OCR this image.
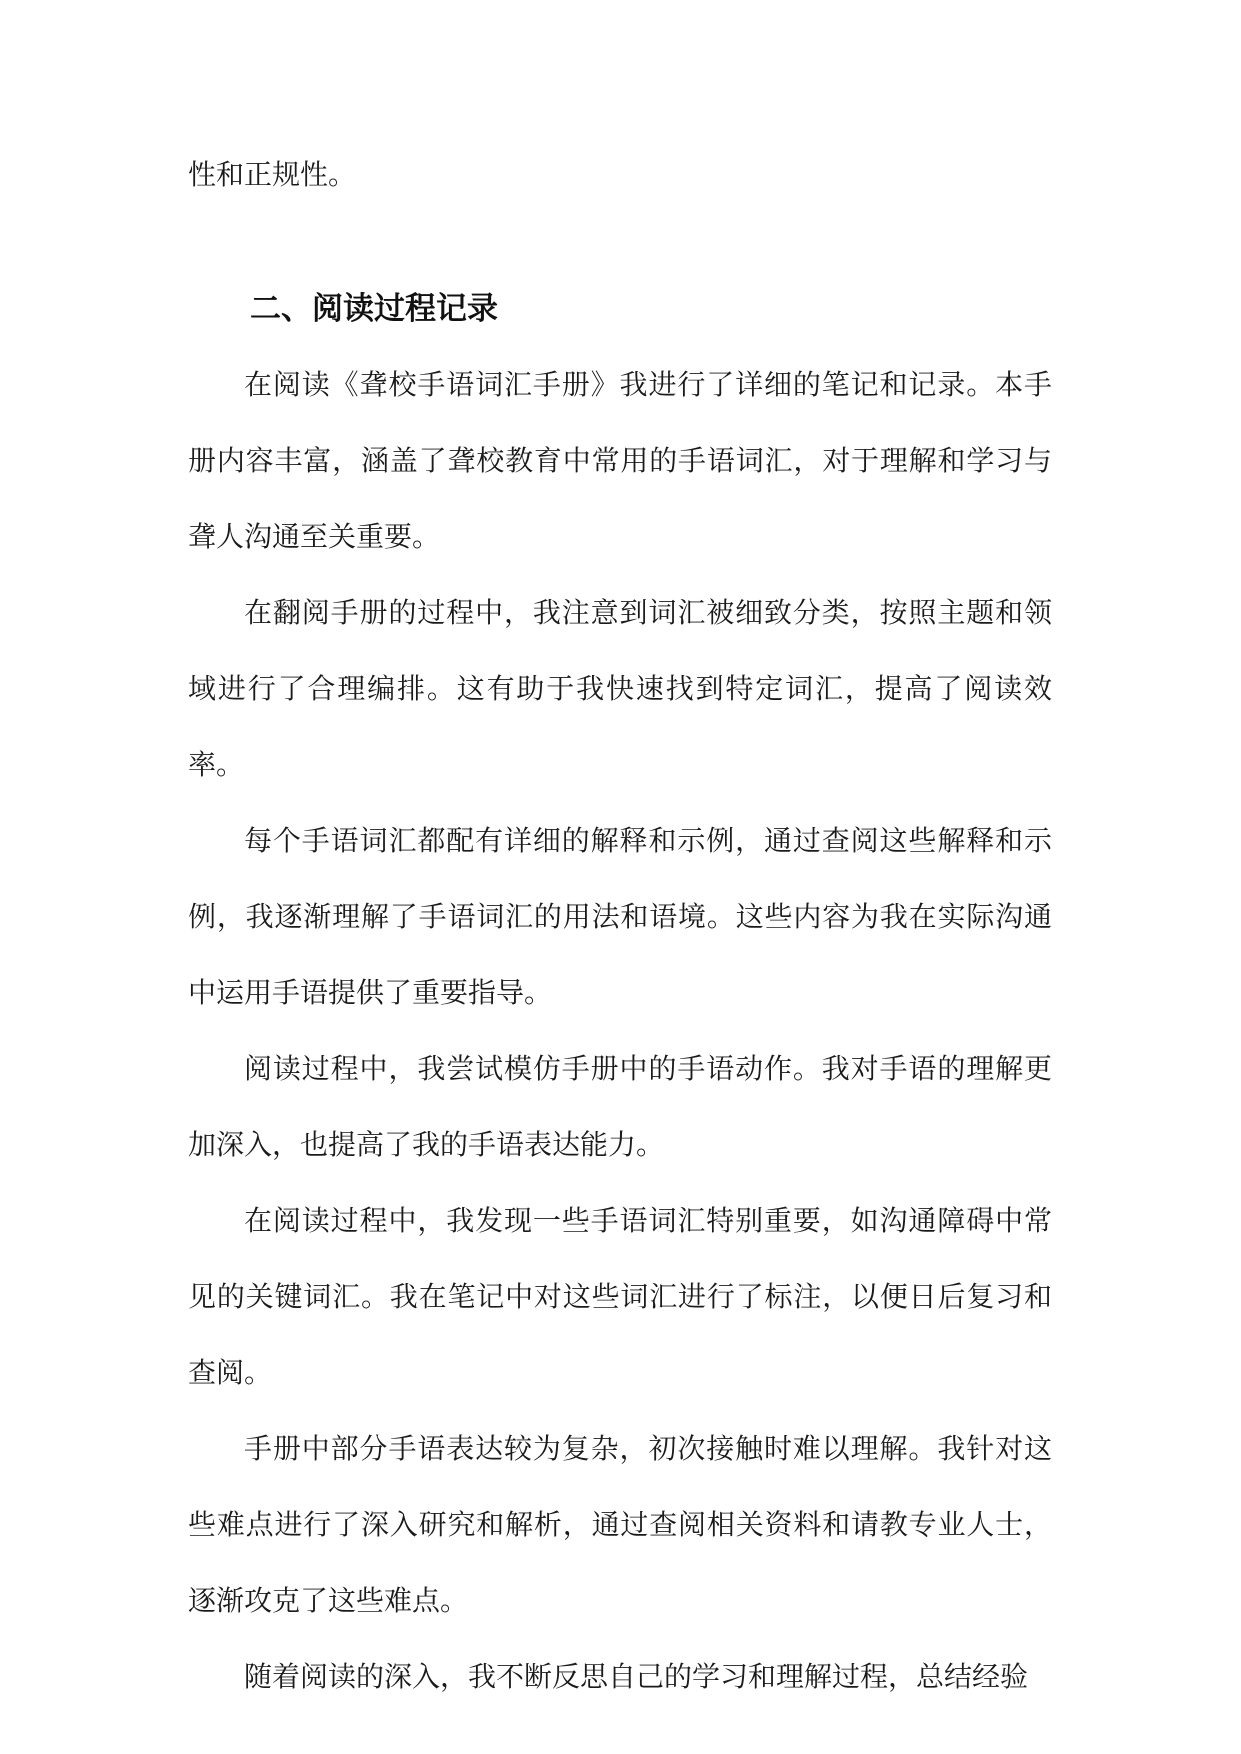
性和正规性。

二、阅读过程记录

在阅读《聋校手语词汇手册》我进行了详细的笔记和记录。本手册内容丰富，涵盖了聋校教育中常用的手语词汇，对于理解和学习与聋人沟通至关重要。

在翻阅手册的过程中，我注意到词汇被细致分类，按照主题和领域进行了合理编排。这有助于我快速找到特定词汇，提高了阅读效率。

每个手语词汇都配有详细的解释和示例，通过查阅这些解释和示例，我逐渐理解了手语词汇的用法和语境。这些内容为我在实际沟通中运用手语提供了重要指导。

阅读过程中，我尝试模仿手册中的手语动作。我对手语的理解更加深入，也提高了我的手语表达能力。

在阅读过程中，我发现一些手语词汇特别重要，如沟通障碍中常见的关键词汇。我在笔记中对这些词汇进行了标注，以便日后复习和查阅。

手册中部分手语表达较为复杂，初次接触时难以理解。我针对这些难点进行了深入研究和解析，通过查阅相关资料和请教专业人士，逐渐攻克了这些难点。

随着阅读的深入，我不断反思自己的学习和理解过程，总结经验
